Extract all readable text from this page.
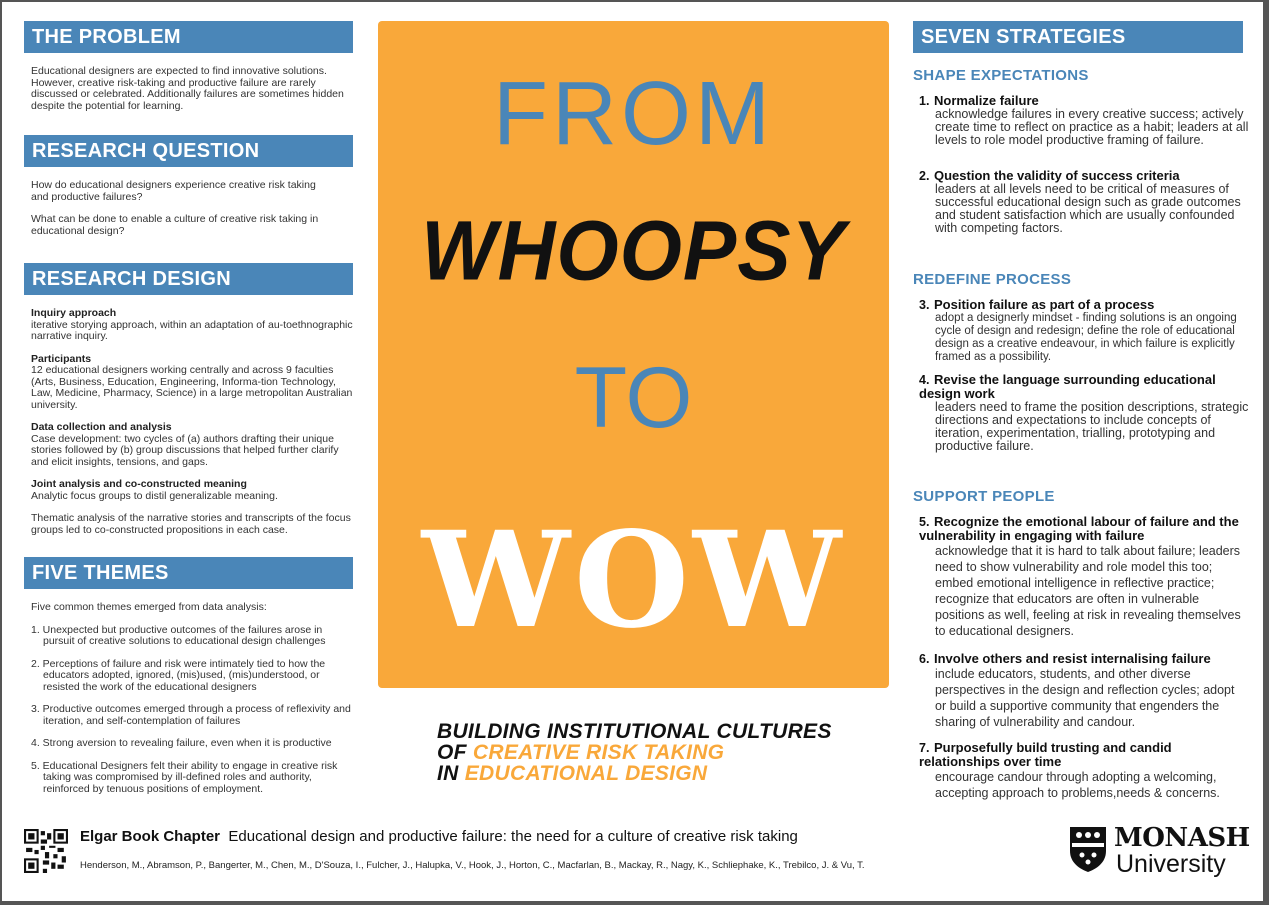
THE PROBLEM
Educational designers are expected to find innovative solutions. However, creative risk-taking and productive failure are rarely discussed or celebrated. Additionally failures are sometimes hidden despite the potential for learning.
RESEARCH QUESTION

How do educational designers experience creative risk taking and productive failures?

What can be done to enable a culture of creative risk taking in educational design?

RESEARCH DESIGN

Inquiry approach
iterative storying approach, within an adaptation of au-toethnographic narrative inquiry.

Participants
12 educational designers working centrally and across 9 faculties (Arts, Business, Education, Engineering, Informa-tion Technology, Law, Medicine, Pharmacy, Science) in a large metropolitan Australian university.

Data collection and analysis
Case development: two cycles of (a) authors drafting their unique stories followed by (b) group discussions that helped further clarify and elicit insights, tensions, and gaps.

Joint analysis and co-constructed meaning
Analytic focus groups to distil generalizable meaning.

Thematic analysis of the narrative stories and transcripts of the focus groups led to co-constructed propositions in each case.

FIVE THEMES

Five common themes emerged from data analysis:

1. Unexpected but productive outcomes of the failures arose in pursuit of creative solutions to educational design challenges

2. Perceptions of failure and risk were intimately tied to how the educators adopted, ignored, (mis)used, (mis)understood, or resisted the work of the educational designers

3. Productive outcomes emerged through a process of reflexivity and iteration, and self-contemplation of failures

4. Strong aversion to revealing failure, even when it is productive

5. Educational Designers felt their ability to engage in creative risk taking was compromised by ill-defined roles and authority, reinforced by tenuous positions of employment.

FROM
WHOOPSY
TO
WOW
BUILDING INSTITUTIONAL CULTURES
OF CREATIVE RISK TAKING
IN EDUCATIONAL DESIGN
SEVEN STRATEGIES
SHAPE EXPECTATIONS
1. Normalize failure
acknowledge failures in every creative success; actively create time to reflect on practice as a habit; leaders at all levels to role model productive framing of failure.
2. Question the validity of success criteria
leaders at all levels need to be critical of measures of successful educational design such as grade outcomes and student satisfaction which are usually confounded with competing factors.
REDEFINE PROCESS
3. Position failure as part of a process
adopt a designerly mindset - finding solutions is an ongoing cycle of design and redesign; define the role of educational design as a creative endeavour, in which failure is explicitly framed as a possibility.
4. Revise the language surrounding educational design work
leaders need to frame the position descriptions, strategic directions and expectations to include concepts of iteration, experimentation, trialling, prototyping and productive failure.
SUPPORT PEOPLE
5. Recognize the emotional labour of failure and the vulnerability in engaging with failure
acknowledge that it is hard to talk about failure; leaders need to show vulnerability and role model this too; embed emotional intelligence in reflective practice; recognize that educators are often in vulnerable positions as well, feeling at risk in revealing themselves to educational designers.
6. Involve others and resist internalising failure
include educators, students, and other diverse perspectives in the design and reflection cycles; adopt or build a supportive community that engenders the sharing of vulnerability and candour.
7. Purposefully build trusting and candid relationships over time
encourage candour through adopting a welcoming, accepting approach to problems,needs & concerns.
Elgar Book Chapter Educational design and productive failure: the need for a culture of creative risk taking
Henderson, M., Abramson, P., Bangerter, M., Chen, M., D'Souza, I., Fulcher, J., Halupka, V., Hook, J., Horton, C., Macfarlan, B., Mackay, R., Nagy, K., Schliephake, K., Trebilco, J. & Vu, T.
MONASH
University
